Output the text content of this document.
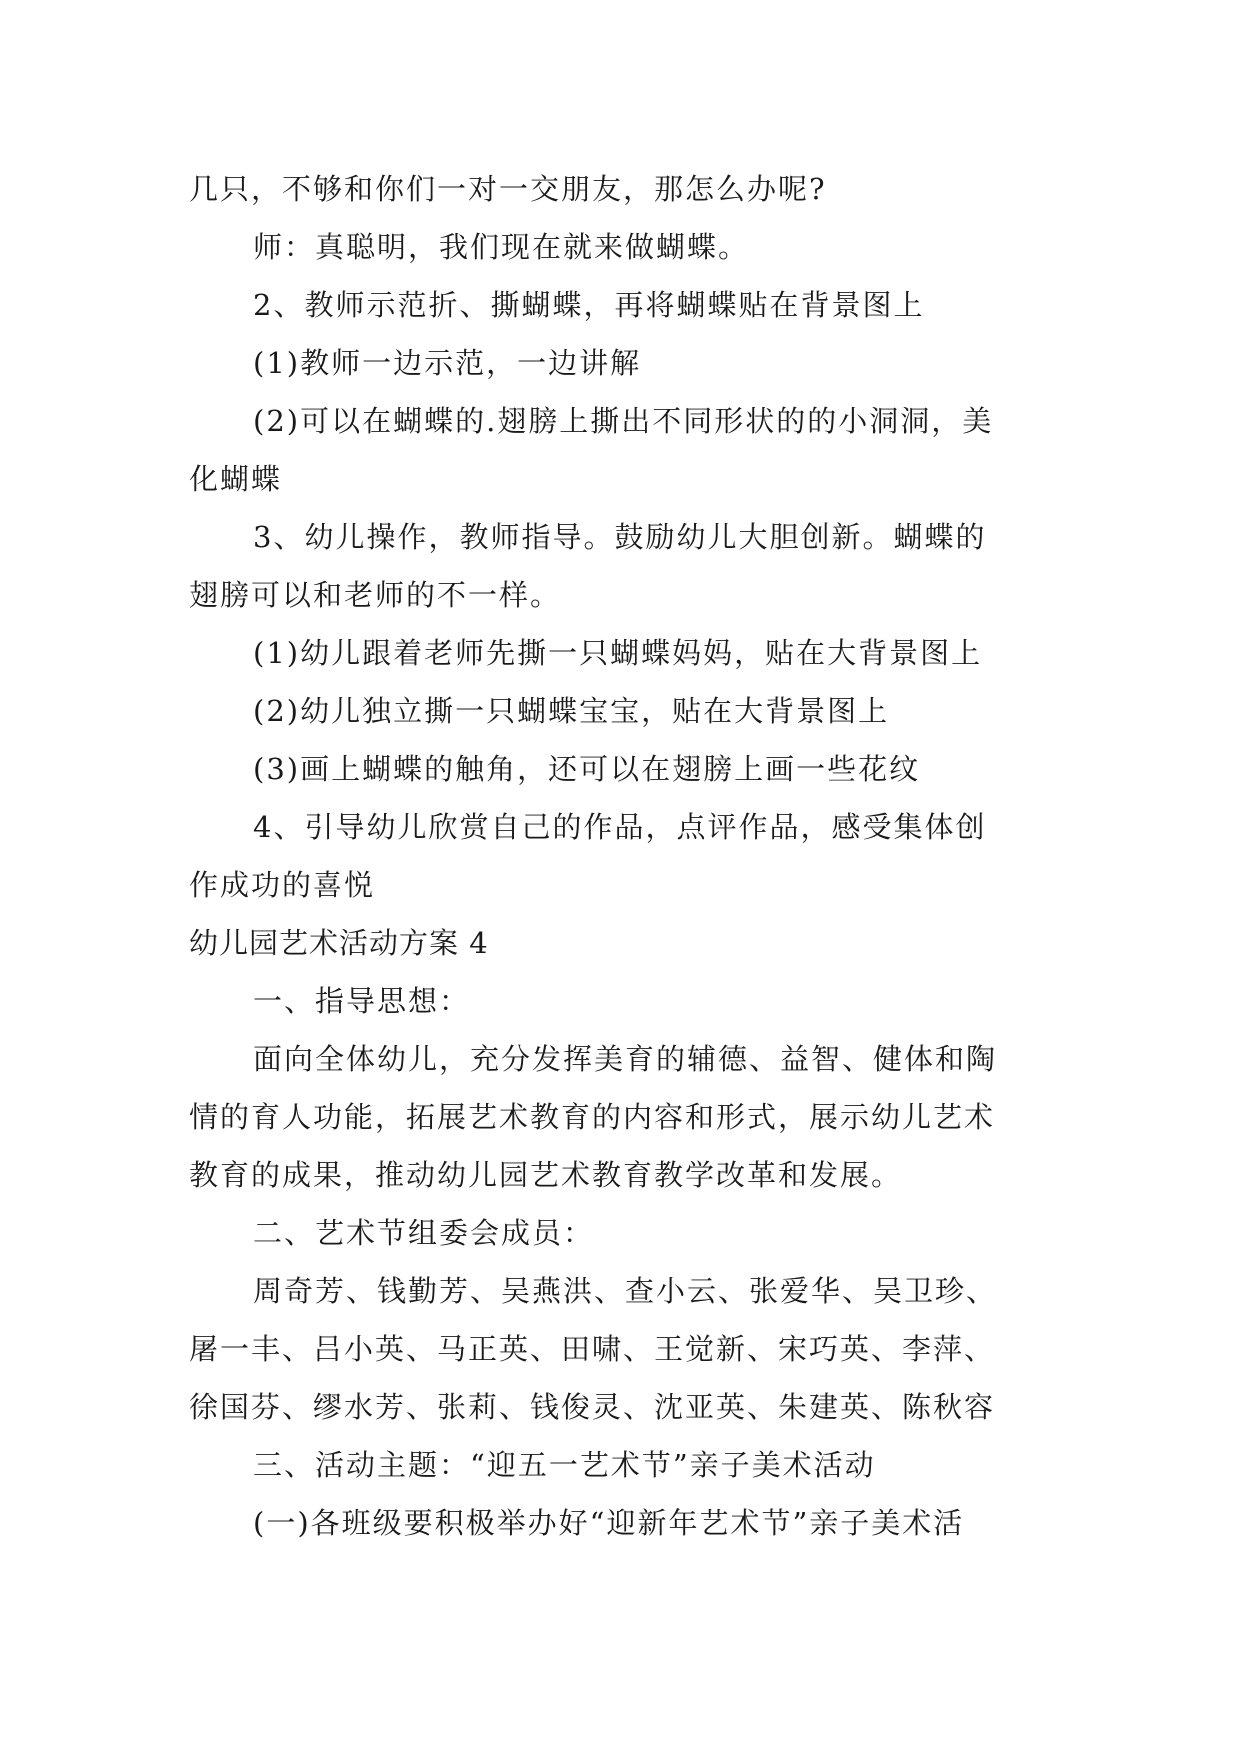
几只，不够和你们一对一交朋友，那怎么办呢?
师：真聪明，我们现在就来做蝴蝶。
2、教师示范折、撕蝴蝶，再将蝴蝶贴在背景图上
(1)教师一边示范，一边讲解
(2)可以在蝴蝶的.翅膀上撕出不同形状的的小洞洞，美
化蝴蝶
3、幼儿操作，教师指导。鼓励幼儿大胆创新。蝴蝶的
翅膀可以和老师的不一样。
(1)幼儿跟着老师先撕一只蝴蝶妈妈，贴在大背景图上
(2)幼儿独立撕一只蝴蝶宝宝，贴在大背景图上
(3)画上蝴蝶的触角，还可以在翅膀上画一些花纹
4、引导幼儿欣赏自己的作品，点评作品，感受集体创
作成功的喜悦
幼儿园艺术活动方案 4
一、指导思想：
面向全体幼儿，充分发挥美育的辅德、益智、健体和陶
情的育人功能，拓展艺术教育的内容和形式，展示幼儿艺术
教育的成果，推动幼儿园艺术教育教学改革和发展。
二、艺术节组委会成员：
周奇芳、钱勤芳、吴燕洪、查小云、张爱华、吴卫珍、
屠一丰、吕小英、马正英、田啸、王觉新、宋巧英、李萍、
徐国芬、缪水芳、张莉、钱俊灵、沈亚英、朱建英、陈秋容
三、活动主题：“迎五一艺术节”亲子美术活动
(一)各班级要积极举办好“迎新年艺术节”亲子美术活
